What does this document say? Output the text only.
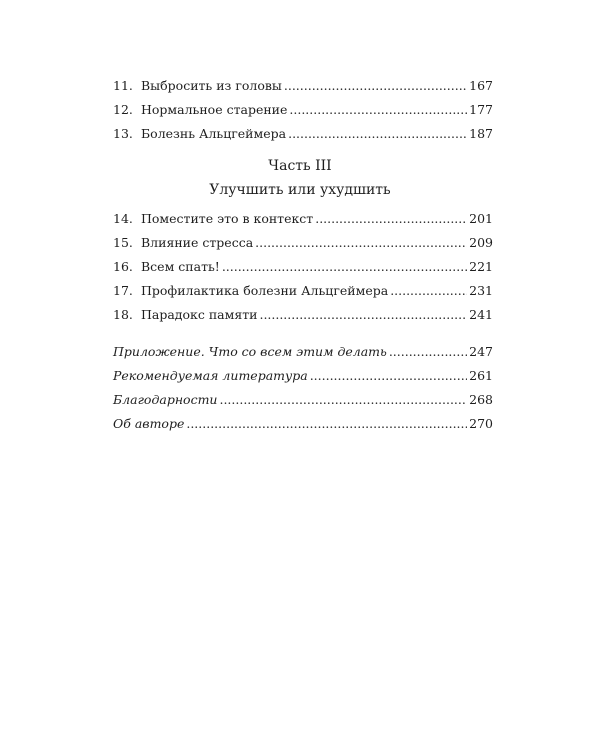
11. Выбросить из головы .....	167
12. Нормальное старение .....	177
13. Болезнь Альцгеймера .....	187
Часть III
Улучшить или ухудшить
14. Поместите это в контекст .....	201
15. Влияние стресса .....	209
16. Всем спать! .....	221
17. Профилактика болезни Альцгеймера .....	231
18. Парадокс памяти .....	241
Приложение. Что со всем этим делать .....	247
Рекомендуемая литература .....	261
Благодарности .....	268
Об авторе .....	270
